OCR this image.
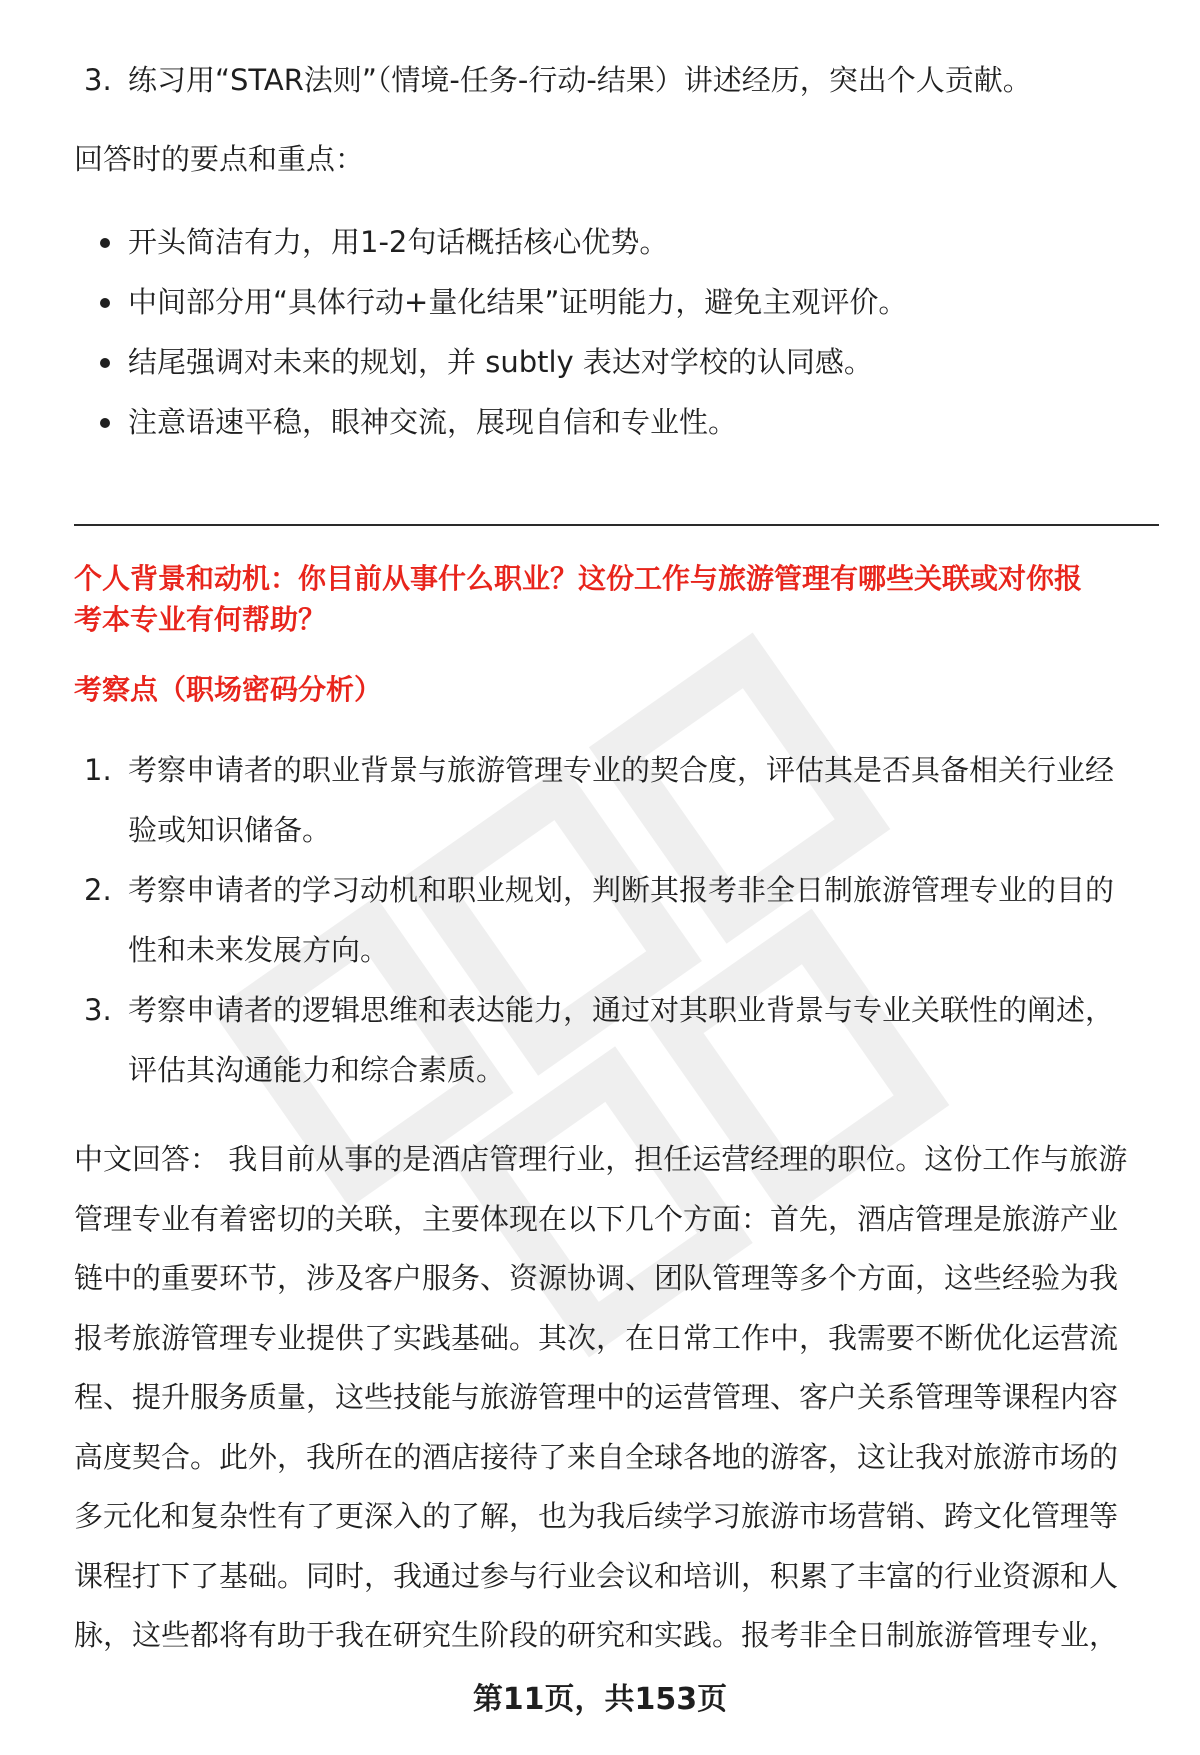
3. 练习用“STAR法则”（情境-任务-行动-结果）讲述经历，突出个人贡献。
回答时的要点和重点：
开头简洁有力，用1-2句话概括核心优势。
中间部分用“具体行动+量化结果”证明能力，避免主观评价。
结尾强调对未来的规划，并 subtly 表达对学校的认同感。
注意语速平稳，眼神交流，展现自信和专业性。
个人背景和动机：你目前从事什么职业？这份工作与旅游管理有哪些关联或对你报
考本专业有何帮助？
考察点（职场密码分析）
1. 考察申请者的职业背景与旅游管理专业的契合度，评估其是否具备相关行业经
验或知识储备。
2. 考察申请者的学习动机和职业规划，判断其报考非全日制旅游管理专业的目的
性和未来发展方向。
3. 考察申请者的逻辑思维和表达能力，通过对其职业背景与专业关联性的阐述，
评估其沟通能力和综合素质。
中文回答： 我目前从事的是酒店管理行业，担任运营经理的职位。这份工作与旅游
管理专业有着密切的关联，主要体现在以下几个方面：首先，酒店管理是旅游产业
链中的重要环节，涉及客户服务、资源协调、团队管理等多个方面，这些经验为我
报考旅游管理专业提供了实践基础。其次，在日常工作中，我需要不断优化运营流
程、提升服务质量，这些技能与旅游管理中的运营管理、客户关系管理等课程内容
高度契合。此外，我所在的酒店接待了来自全球各地的游客，这让我对旅游市场的
多元化和复杂性有了更深入的了解，也为我后续学习旅游市场营销、跨文化管理等
课程打下了基础。同时，我通过参与行业会议和培训，积累了丰富的行业资源和人
脉，这些都将有助于我在研究生阶段的研究和实践。报考非全日制旅游管理专业，
第11页，共153页
